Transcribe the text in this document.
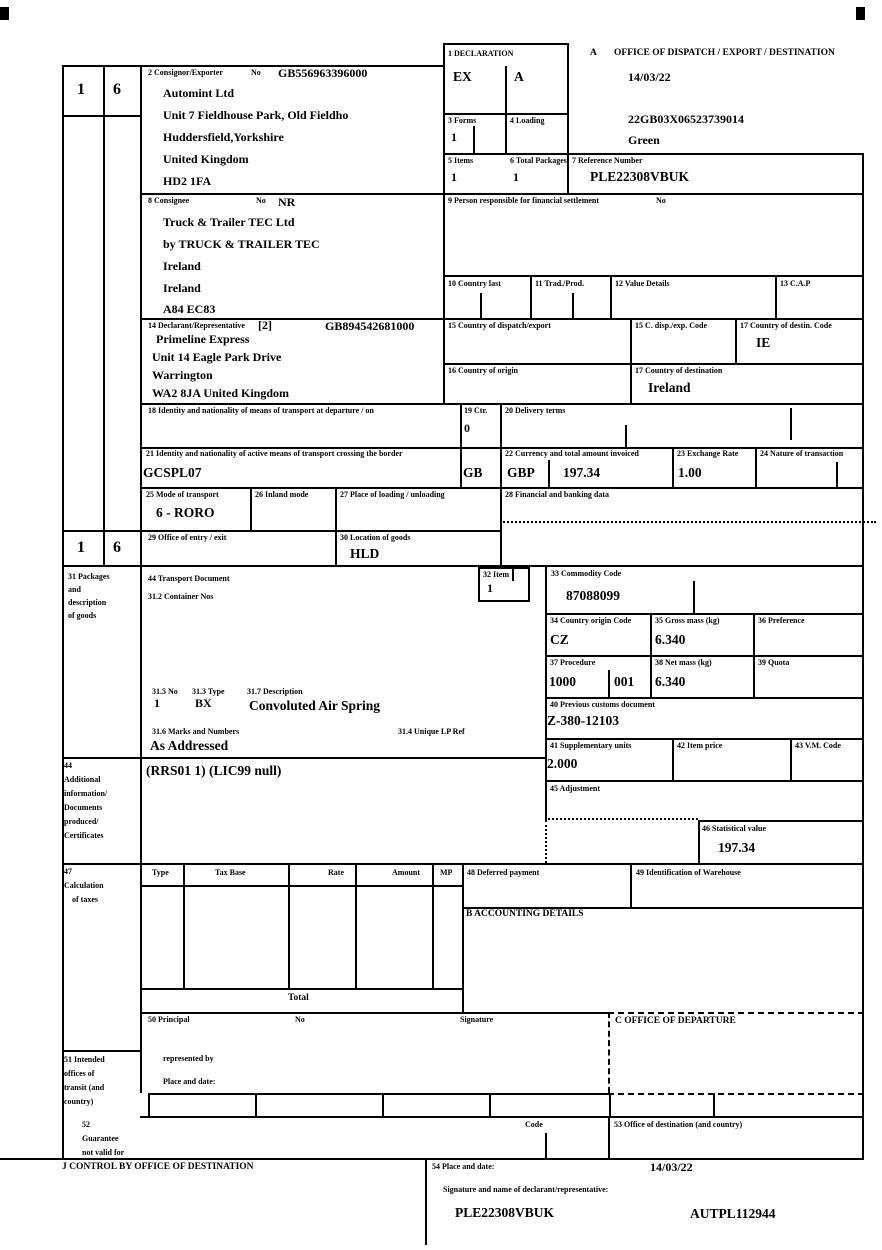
1 6
1 6
1 DECLARATION
EX	A
A OFFICE OF DISPATCH / EXPORT / DESTINATION
14/03/22
22GB03X06523739014
Green
2 Consignor/Exporter	No GB556963396000
Automint Ltd
Unit 7 Fieldhouse Park, Old Fieldho
Huddersfield,Yorkshire
United Kingdom
HD2 1FA
3 Forms
1
4 Loading
5 Items
1
6 Total Packages
1
7 Reference Number
PLE22308VBUK
8 Consignee	No NR
Truck & Trailer TEC Ltd
by TRUCK & TRAILER TEC
Ireland
Ireland
A84 EC83
9 Person responsible for financial settlement	No
10 Country last	11 Trad./Prod.	12 Value Details	13 C.A.P
14 Declarant/Representative [2]	GB894542681000
Primeline Express
Unit 14 Eagle Park Drive
Warrington
WA2 8JA United Kingdom
15 Country of dispatch/export	15 C. disp./exp. Code	17 Country of destin. Code
IE
16 Country of origin	17 Country of destination
Ireland
18 Identity and nationality of means of transport at departure / on	19 Ctr.
0
20 Delivery terms
21 Identity and nationality of active means of transport crossing the border
GCSPL07	GB
22 Currency and total amount invoiced
GBP 197.34
23 Exchange Rate
1.00
24 Nature of transaction
25 Mode of transport
6 - RORO
26 Inland mode	27 Place of loading / unloading	28 Financial and banking data
29 Office of entry / exit	30 Location of goods
HLD
31 Packages
and
description
of goods
44 Transport Document
31.2 Container Nos
32 Item
1
33 Commodity Code
87088099
34 Country origin Code
CZ
35 Gross mass (kg)
6.340
36 Preference
37 Procedure
1000	001
38 Net mass (kg)
6.340
39 Quota
40 Previous customs document
Z-380-12103
41 Supplementary units
2.000
42 Item price	43 V.M. Code
45 Adjustment
46 Statistical value
197.34
31.5 No
1
31.3 Type
BX
31.7 Description
Convoluted Air Spring
31.6 Marks and Numbers
As Addressed
31.4 Unique LP Ref
44
Additional
information/
Documents
produced/
Certificates
(RRS01 1) (LIC99 null)
47
Calculation
of taxes
Type	Tax Base	Rate	Amount MP
Total
48 Deferred payment	49 Identification of Warehouse
B ACCOUNTING DETAILS
C OFFICE OF DEPARTURE
50 Principal	No	Signature
represented by
Place and date:
51 Intended
offices of
transit (and
country)
52
Guarantee
not valid for
Code	53 Office of destination (and country)
J CONTROL BY OFFICE OF DESTINATION	54 Place and date:	14/03/22
Signature and name of declarant/representative:
PLE22308VBUK	AUTPL112944
